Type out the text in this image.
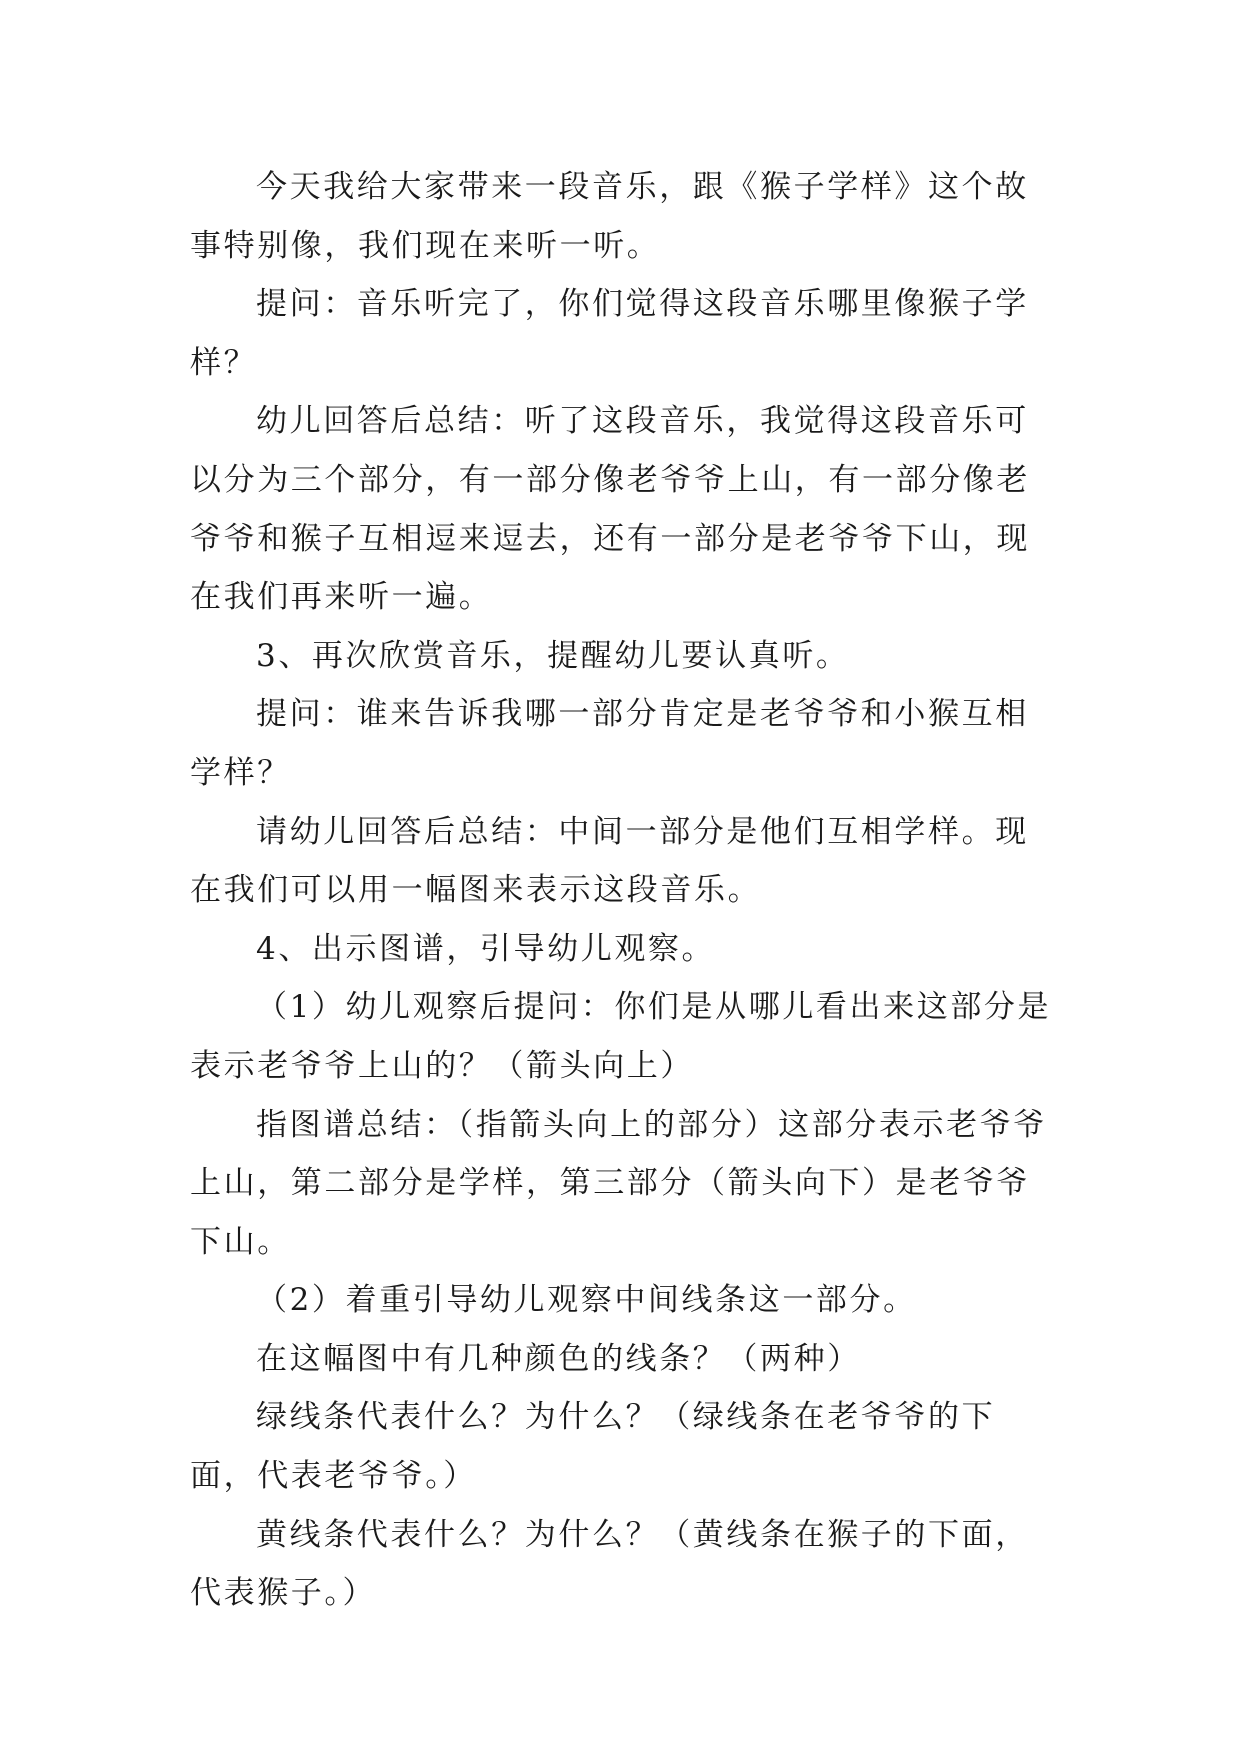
今天我给大家带来一段音乐，跟《猴子学样》这个故事特别像，我们现在来听一听。

提问：音乐听完了，你们觉得这段音乐哪里像猴子学样？

幼儿回答后总结：听了这段音乐，我觉得这段音乐可以分为三个部分，有一部分像老爷爷上山，有一部分像老爷爷和猴子互相逗来逗去，还有一部分是老爷爷下山，现在我们再来听一遍。

3、再次欣赏音乐，提醒幼儿要认真听。

提问：谁来告诉我哪一部分肯定是老爷爷和小猴互相学样？

请幼儿回答后总结：中间一部分是他们互相学样。现在我们可以用一幅图来表示这段音乐。

4、出示图谱，引导幼儿观察。

（1）幼儿观察后提问：你们是从哪儿看出来这部分是表示老爷爷上山的？（箭头向上）

指图谱总结：（指箭头向上的部分）这部分表示老爷爷上山，第二部分是学样，第三部分（箭头向下）是老爷爷下山。

（2）着重引导幼儿观察中间线条这一部分。

在这幅图中有几种颜色的线条？（两种）

绿线条代表什么？为什么？（绿线条在老爷爷的下面，代表老爷爷。）

黄线条代表什么？为什么？（黄线条在猴子的下面，代表猴子。）
